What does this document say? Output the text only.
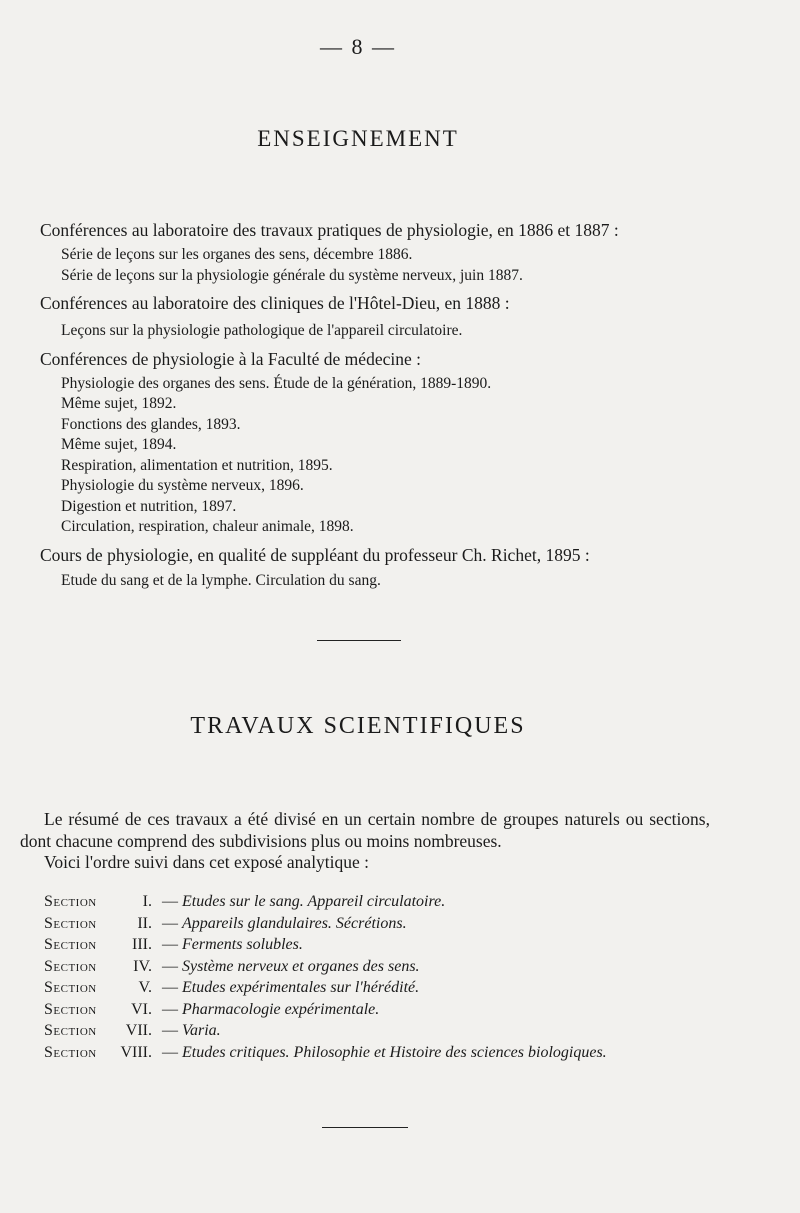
— 8 —
ENSEIGNEMENT

Conférences au laboratoire des travaux pratiques de physiologie, en 1886 et 1887 :

Série de leçons sur les organes des sens, décembre 1886.

Série de leçons sur la physiologie générale du système nerveux, juin 1887.

Conférences au laboratoire des cliniques de l'Hôtel-Dieu, en 1888 :

Leçons sur la physiologie pathologique de l'appareil circulatoire.

Conférences de physiologie à la Faculté de médecine :

Physiologie des organes des sens. Étude de la génération, 1889-1890.

Même sujet, 1892.

Fonctions des glandes, 1893.

Même sujet, 1894.

Respiration, alimentation et nutrition, 1895.

Physiologie du système nerveux, 1896.

Digestion et nutrition, 1897.

Circulation, respiration, chaleur animale, 1898.

Cours de physiologie, en qualité de suppléant du professeur Ch. Richet, 1895 :

Etude du sang et de la lymphe. Circulation du sang.

TRAVAUX SCIENTIFIQUES

Le résumé de ces travaux a été divisé en un certain nombre de groupes naturels ou sections, dont chacune comprend des subdivisions plus ou moins nombreuses.

Voici l'ordre suivi dans cet exposé analytique :
Section	I. — Etudes sur le sang. Appareil circulatoire.
Section	II. — Appareils glandulaires. Sécrétions.
Section	III. — Ferments solubles.
Section	IV. — Système nerveux et organes des sens.
Section	V. — Etudes expérimentales sur l'hérédité.
Section	VI. — Pharmacologie expérimentale.
Section	VII. — Varia.
Section	VIII. — Etudes critiques. Philosophie et Histoire des sciences biologiques.
